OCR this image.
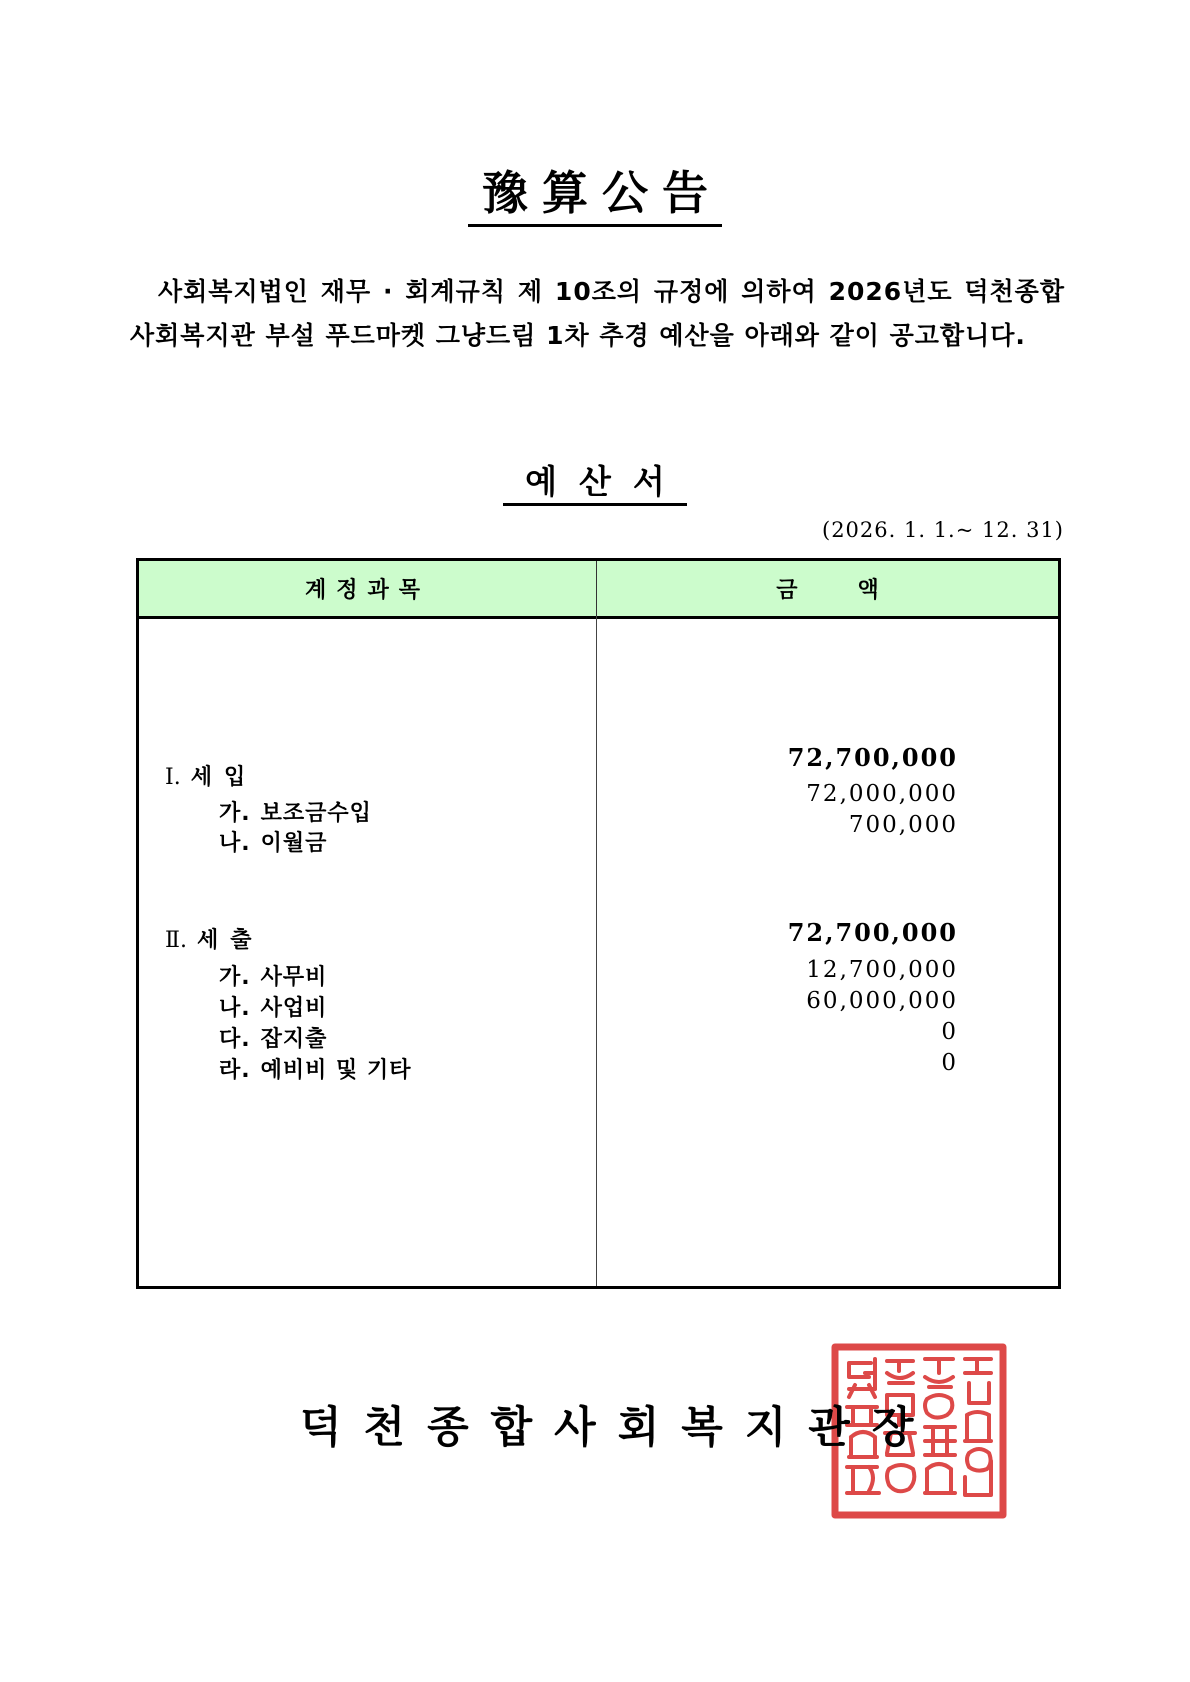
豫算公告
사회복지법인 재무 · 회계규칙 제 10조의 규정에 의하여 2026년도 덕천종합사회복지관 부설 푸드마켓 그냥드림 1차 추경 예산을 아래와 같이 공고합니다.
예산서
(2026. 1. 1.~ 12. 31)
계정과목	금액
Ⅰ. 세입
가. 보조금수입
나. 이월금
72,700,000
72,000,000
700,000
Ⅱ. 세출
가. 사무비
나. 사업비
다. 잡지출
라. 예비비 및 기타
72,700,000
12,700,000
60,000,000
0
0
덕천종합사회복지관장
